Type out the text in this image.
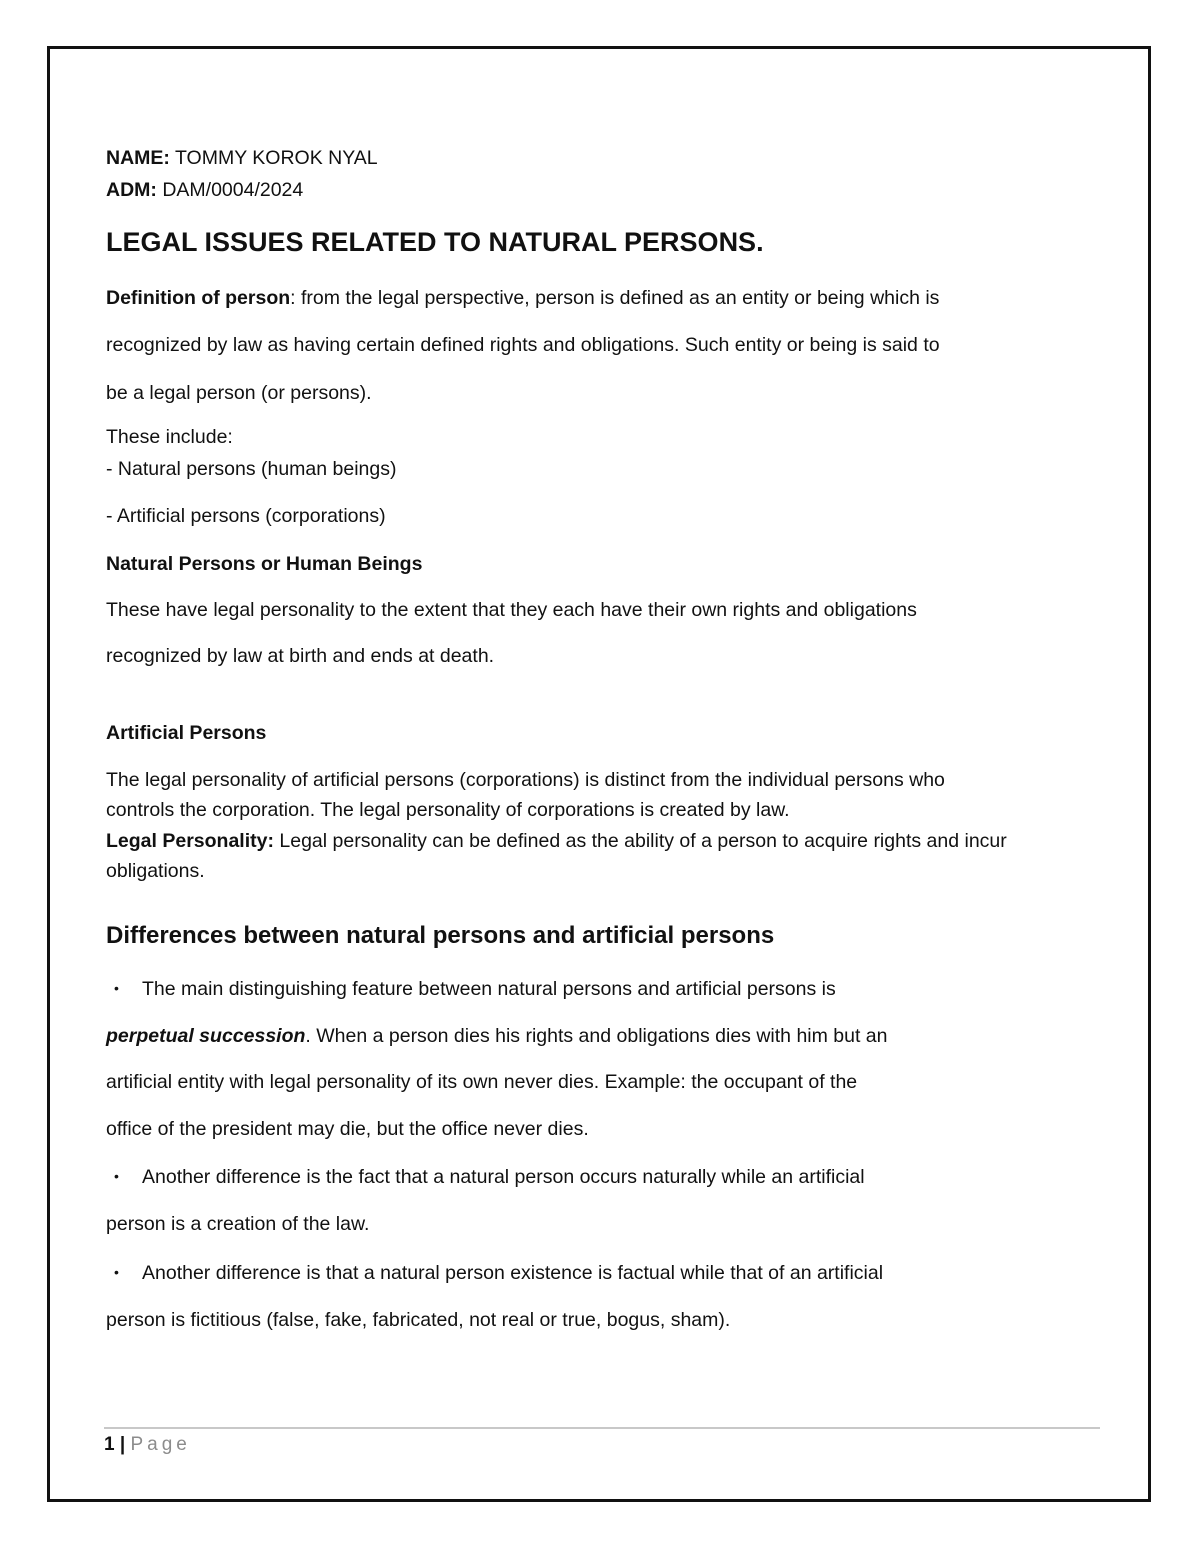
NAME: TOMMY KOROK NYAL
ADM: DAM/0004/2024
LEGAL ISSUES RELATED TO NATURAL PERSONS.
Definition of person: from the legal perspective, person is defined as an entity or being which is
recognized by law as having certain defined rights and obligations. Such entity or being is said to
be a legal person (or persons).
These include:
- Natural persons (human beings)
- Artificial persons (corporations)
Natural Persons or Human Beings
These have legal personality to the extent that they each have their own rights and obligations
recognized by law at birth and ends at death.
Artificial Persons
The legal personality of artificial persons (corporations) is distinct from the individual persons who
controls the corporation. The legal personality of corporations is created by law.
Legal Personality: Legal personality can be defined as the ability of a person to acquire rights and incur
obligations.
Differences between natural persons and artificial persons
• The main distinguishing feature between natural persons and artificial persons is
perpetual succession. When a person dies his rights and obligations dies with him but an
artificial entity with legal personality of its own never dies. Example: the occupant of the
office of the president may die, but the office never dies.
• Another difference is the fact that a natural person occurs naturally while an artificial
person is a creation of the law.
• Another difference is that a natural person existence is factual while that of an artificial
person is fictitious (false, fake, fabricated, not real or true, bogus, sham).
1 | Page
